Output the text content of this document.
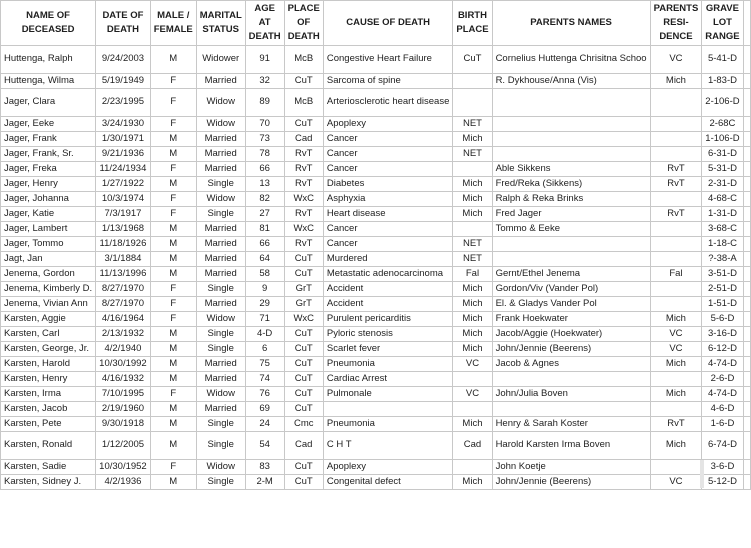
NAME OF DECEASED	DATE OF DEATH	MALE / FEMALE	MARITAL STATUS	AGE AT DEATH	PLACE OF DEATH	CAUSE OF DEATH	BIRTH PLACE	PARENTS NAMES	PARENTS RESI-DENCE	GRAVE LOT RANGE	
Huttenga, Ralph	9/24/2003	M	Widower	91	McB	Congestive Heart Failure	CuT	Cornelius Huttenga Chrisitna Schoo	VC	5-41-D	
Huttenga, Wilma	5/19/1949	F	Married	32	CuT	Sarcoma of spine		R. Dykhouse/Anna (Vis)	Mich	1-83-D	
Jager, Clara	2/23/1995	F	Widow	89	McB	Arteriosclerotic heart disease				2-106-D	
Jager, Eeke	3/24/1930	F	Widow	70	CuT	Apoplexy	NET			2-68C	
Jager, Frank	1/30/1971	M	Married	73	Cad	Cancer	Mich			1-106-D	
Jager, Frank, Sr.	9/21/1936	M	Married	78	RvT	Cancer	NET			6-31-D	
Jager, Freka	11/24/1934	F	Married	66	RvT	Cancer		Able Sikkens	RvT	5-31-D	
Jager, Henry	1/27/1922	M	Single	13	RvT	Diabetes	Mich	Fred/Reka (Sikkens)	RvT	2-31-D	
Jager, Johanna	10/3/1974	F	Widow	82	WxC	Asphyxia	Mich	Ralph & Reka Brinks		4-68-C	
Jager, Katie	7/3/1917	F	Single	27	RvT	Heart disease	Mich	Fred Jager	RvT	1-31-D	
Jager, Lambert	1/13/1968	M	Married	81	WxC	Cancer		Tommo & Eeke		3-68-C	
Jager, Tommo	11/18/1926	M	Married	66	RvT	Cancer	NET			1-18-C	
Jagt, Jan	3/1/1884	M	Married	64	CuT	Murdered	NET			?-38-A	
Jenema, Gordon	11/13/1996	M	Married	58	CuT	Metastatic adenocarcinoma	Fal	Gernt/Ethel Jenema	Fal	3-51-D	
Jenema, Kimberly D.	8/27/1970	F	Single	9	GrT	Accident	Mich	Gordon/Viv (Vander Pol)		2-51-D	
Jenema, Vivian Ann	8/27/1970	F	Married	29	GrT	Accident	Mich	El. & Gladys Vander Pol		1-51-D	
Karsten, Aggie	4/16/1964	F	Widow	71	WxC	Purulent pericarditis	Mich	Frank Hoekwater	Mich	5-6-D	
Karsten, Carl	2/13/1932	M	Single	4-D	CuT	Pyloric stenosis	Mich	Jacob/Aggie (Hoekwater)	VC	3-16-D	
Karsten, George, Jr.	4/2/1940	M	Single	6	CuT	Scarlet fever	Mich	John/Jennie (Beerens)	VC	6-12-D	
Karsten, Harold	10/30/1992	M	Married	75	CuT	Pneumonia	VC	Jacob & Agnes	Mich	4-74-D	
Karsten, Henry	4/16/1932	M	Married	74	CuT	Cardiac Arrest				2-6-D	
Karsten, Irma	7/10/1995	F	Widow	76	CuT	Pulmonale	VC	John/Julia Boven	Mich	4-74-D	
Karsten, Jacob	2/19/1960	M	Married	69	CuT					4-6-D	
Karsten, Pete	9/30/1918	M	Single	24	Cmc	Pneumonia	Mich	Henry & Sarah Koster	RvT	1-6-D	
Karsten, Ronald	1/12/2005	M	Single	54	Cad	C H T	Cad	Harold Karsten Irma Boven	Mich	6-74-D	
Karsten, Sadie	10/30/1952	F	Widow	83	CuT	Apoplexy		John Koetje		3-6-D	
Karsten, Sidney J.	4/2/1936	M	Single	2-M	CuT	Congenital defect	Mich	John/Jennie (Beerens)	VC	5-12-D	
